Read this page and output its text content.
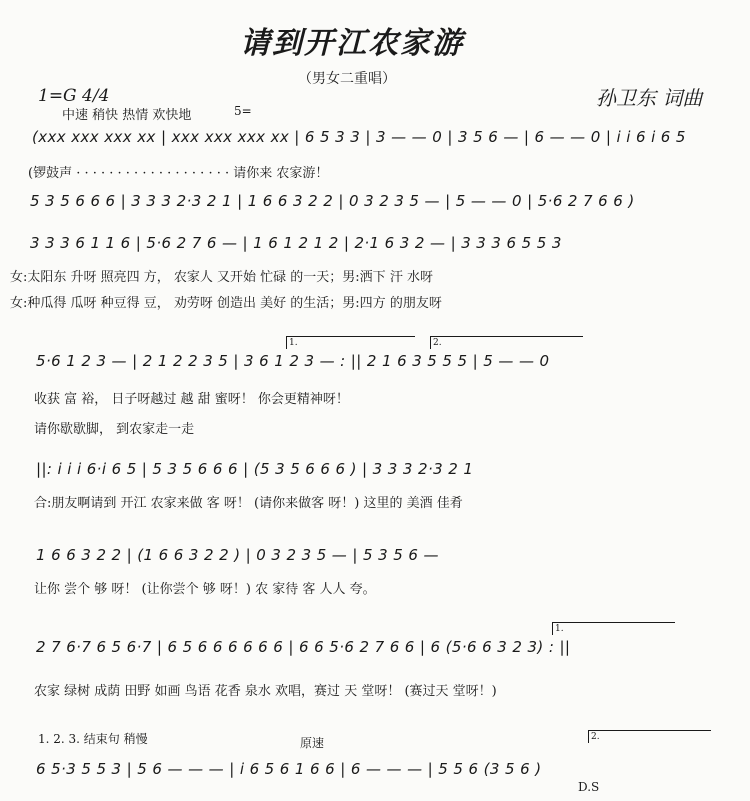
请到开江农家游
（男女二重唱）
1=G 4/4	孙卫东 词曲
中速 稍快 热情 欢快地	5=
(xxx xxx xxx xx | xxx xxx xxx xx | 6 5 3 3 | 3 — — 0 | 3 5 6 — | 6 — — 0 | i i 6 i 6 5
(锣鼓声 · · · · · · · · · · · · · · · · · · · 请你来 农家游！
5 3 5 6 6 6 | 3 3 3 2·3 2 1 | 1 6 6 3 2 2 | 0 3 2 3 5 — | 5 — — 0 | 5·6 2 7 6 6 )
3 3 3 6 1 1 6 | 5·6 2 7 6 — | 1 6 1 2 1 2 | 2·1 6 3 2 — | 3 3 3 6 5 5 3
女:太阳东 升呀 照亮四 方， 农家人 又开始 忙碌 的一天；男:洒下 汗 水呀
女:种瓜得 瓜呀 种豆得 豆， 劝劳呀 创造出 美好 的生活；男:四方 的朋友呀
1.	2.
5·6 1 2 3 — | 2 1 2 2 3 5 | 3 6 1 2 3 — : || 2 1 6 3 5 5 5 | 5 — — 0
收获 富 裕， 日子呀越过 越 甜 蜜呀！ 你会更精神呀！
请你歇歇脚， 到农家走一走
||: i i i 6·i 6 5 | 5 3 5 6 6 6 | (5 3 5 6 6 6 ) | 3 3 3 2·3 2 1
合:朋友啊请到 开江 农家来做 客 呀！ (请你来做客 呀！) 这里的 美酒 佳肴
1 6 6 3 2 2 | (1 6 6 3 2 2 ) | 0 3 2 3 5 — | 5 3 5 6 —
让你 尝个 够 呀！ (让你尝个 够 呀！) 农 家待 客 人人 夸。
1.
2 7 6·7 6 5 6·7 | 6 5 6 6 6 6 6 6 | 6 6 5·6 2 7 6 6 | 6 (5·6 6 3 2 3) : ||
农家 绿树 成荫 田野 如画 鸟语 花香 泉水 欢唱，赛过 天 堂呀！ (赛过天 堂呀！)
1. 2. 3. 结束句 稍慢	原速	2.
6 5·3 5 5 3 | 5 6 — — — | i 6 5 6 1 6 6 | 6 — — — | 5 5 6 (3 5 6 )
D.S
